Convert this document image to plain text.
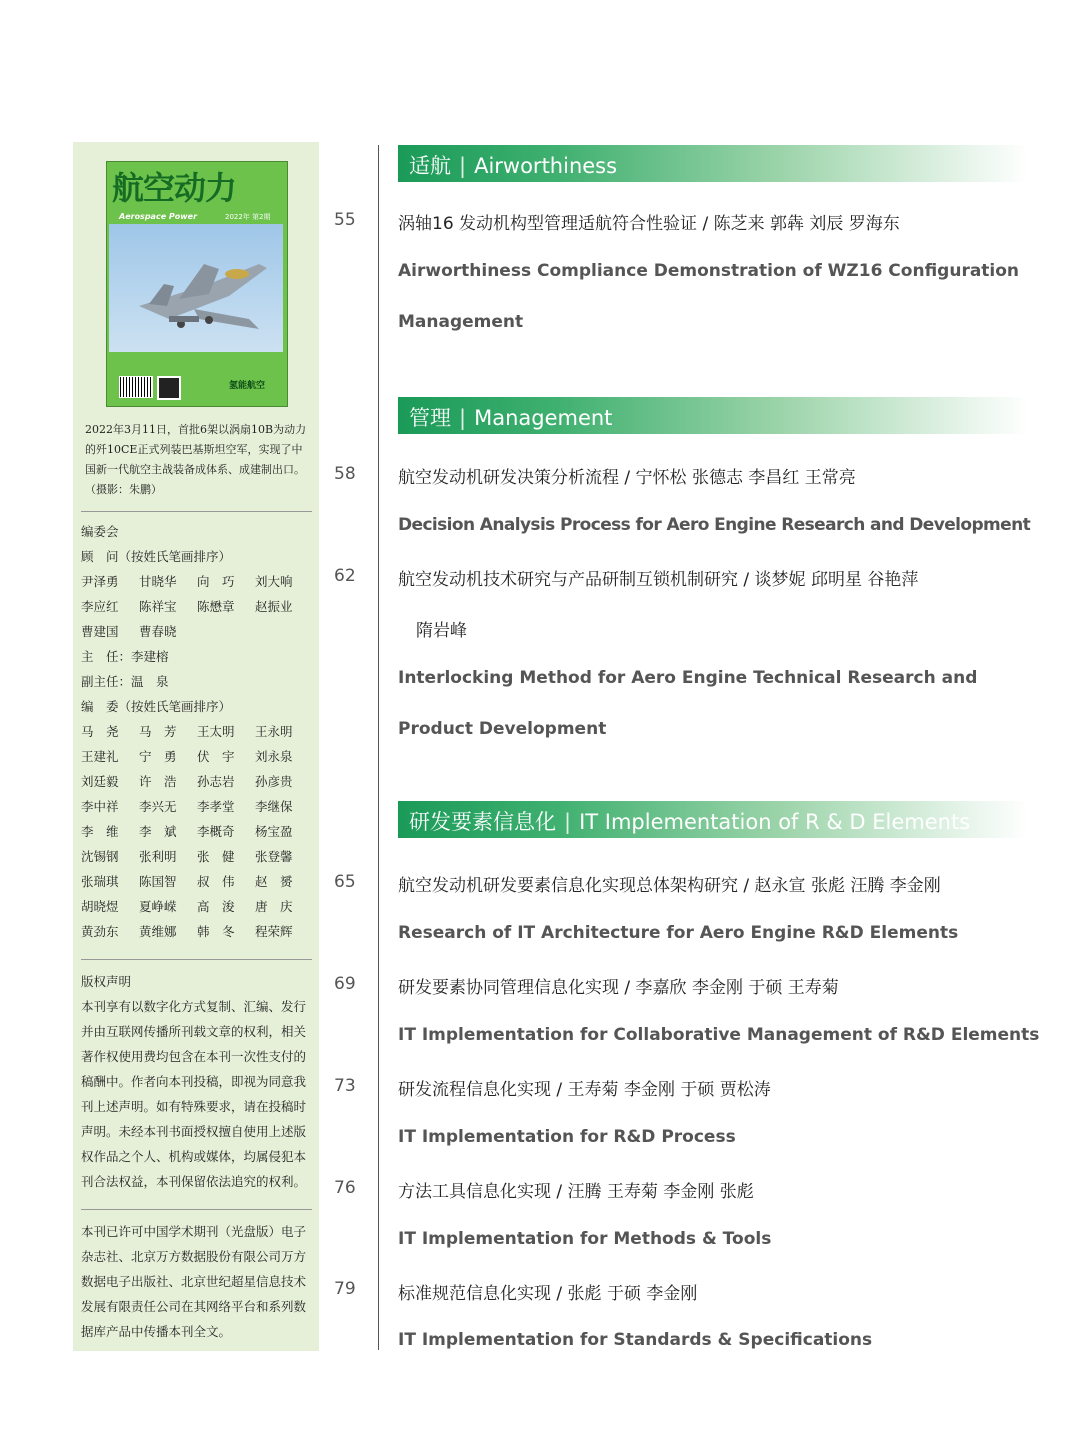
航空动力
Aerospace Power	2022年 第2期
氢能航空
2022年3月11日，首批6架以涡扇10B为动力的歼10CE正式列装巴基斯坦空军，实现了中国新一代航空主战装备成体系、成建制出口。（摄影：朱鹏）
编委会
顾　问（按姓氏笔画排序）
尹泽勇 甘晓华 向　巧 刘大响
李应红 陈祥宝 陈懋章 赵振业
曹建国 曹春晓
主　任：李建榕
副主任：温　泉
编　委（按姓氏笔画排序）
马　尧 马　芳 王太明 王永明
王建礼 宁　勇 伏　宇 刘永泉
刘廷毅 许　浩 孙志岩 孙彦贵
李中祥 李兴无 李孝堂 李继保
李　维 李　斌 李概奇 杨宝盈
沈锡钢 张利明 张　健 张登馨
张瑞琪 陈国智 叔　伟 赵　赟
胡晓煜 夏峥嵘 高　浚 唐　庆
黄劲东 黄维娜 韩　冬 程荣辉
版权声明
本刊享有以数字化方式复制、汇编、发行
并由互联网传播所刊载文章的权利，相关
著作权使用费均包含在本刊一次性支付的
稿酬中。作者向本刊投稿，即视为同意我
刊上述声明。如有特殊要求，请在投稿时
声明。未经本刊书面授权擅自使用上述版
权作品之个人、机构或媒体，均属侵犯本
刊合法权益，本刊保留依法追究的权利。
本刊已许可中国学术期刊（光盘版）电子
杂志社、北京万方数据股份有限公司万方
数据电子出版社、北京世纪超星信息技术
发展有限责任公司在其网络平台和系列数
据库产品中传播本刊全文。
适航 | Airworthiness
55 涡轴16 发动机构型管理适航符合性验证 / 陈芝来 郭犇 刘辰 罗海东
Airworthiness Compliance Demonstration of WZ16 Configuration
Management
管理 | Management
58 航空发动机研发决策分析流程 / 宁怀松 张德志 李昌红 王常亮
Decision Analysis Process for Aero Engine Research and Development
62 航空发动机技术研究与产品研制互锁机制研究 / 谈梦妮 邱明星 谷艳萍
隋岩峰
Interlocking Method for Aero Engine Technical Research and
Product Development
研发要素信息化 | IT Implementation of R & D Elements
65 航空发动机研发要素信息化实现总体架构研究 / 赵永宣 张彪 汪腾 李金刚
Research of IT Architecture for Aero Engine R&D Elements
69 研发要素协同管理信息化实现 / 李嘉欣 李金刚 于硕 王寿菊
IT Implementation for Collaborative Management of R&D Elements
73 研发流程信息化实现 / 王寿菊 李金刚 于硕 贾松涛
IT Implementation for R&D Process
76 方法工具信息化实现 / 汪腾 王寿菊 李金刚 张彪
IT Implementation for Methods & Tools
79 标准规范信息化实现 / 张彪 于硕 李金刚
IT Implementation for Standards & Specifications
